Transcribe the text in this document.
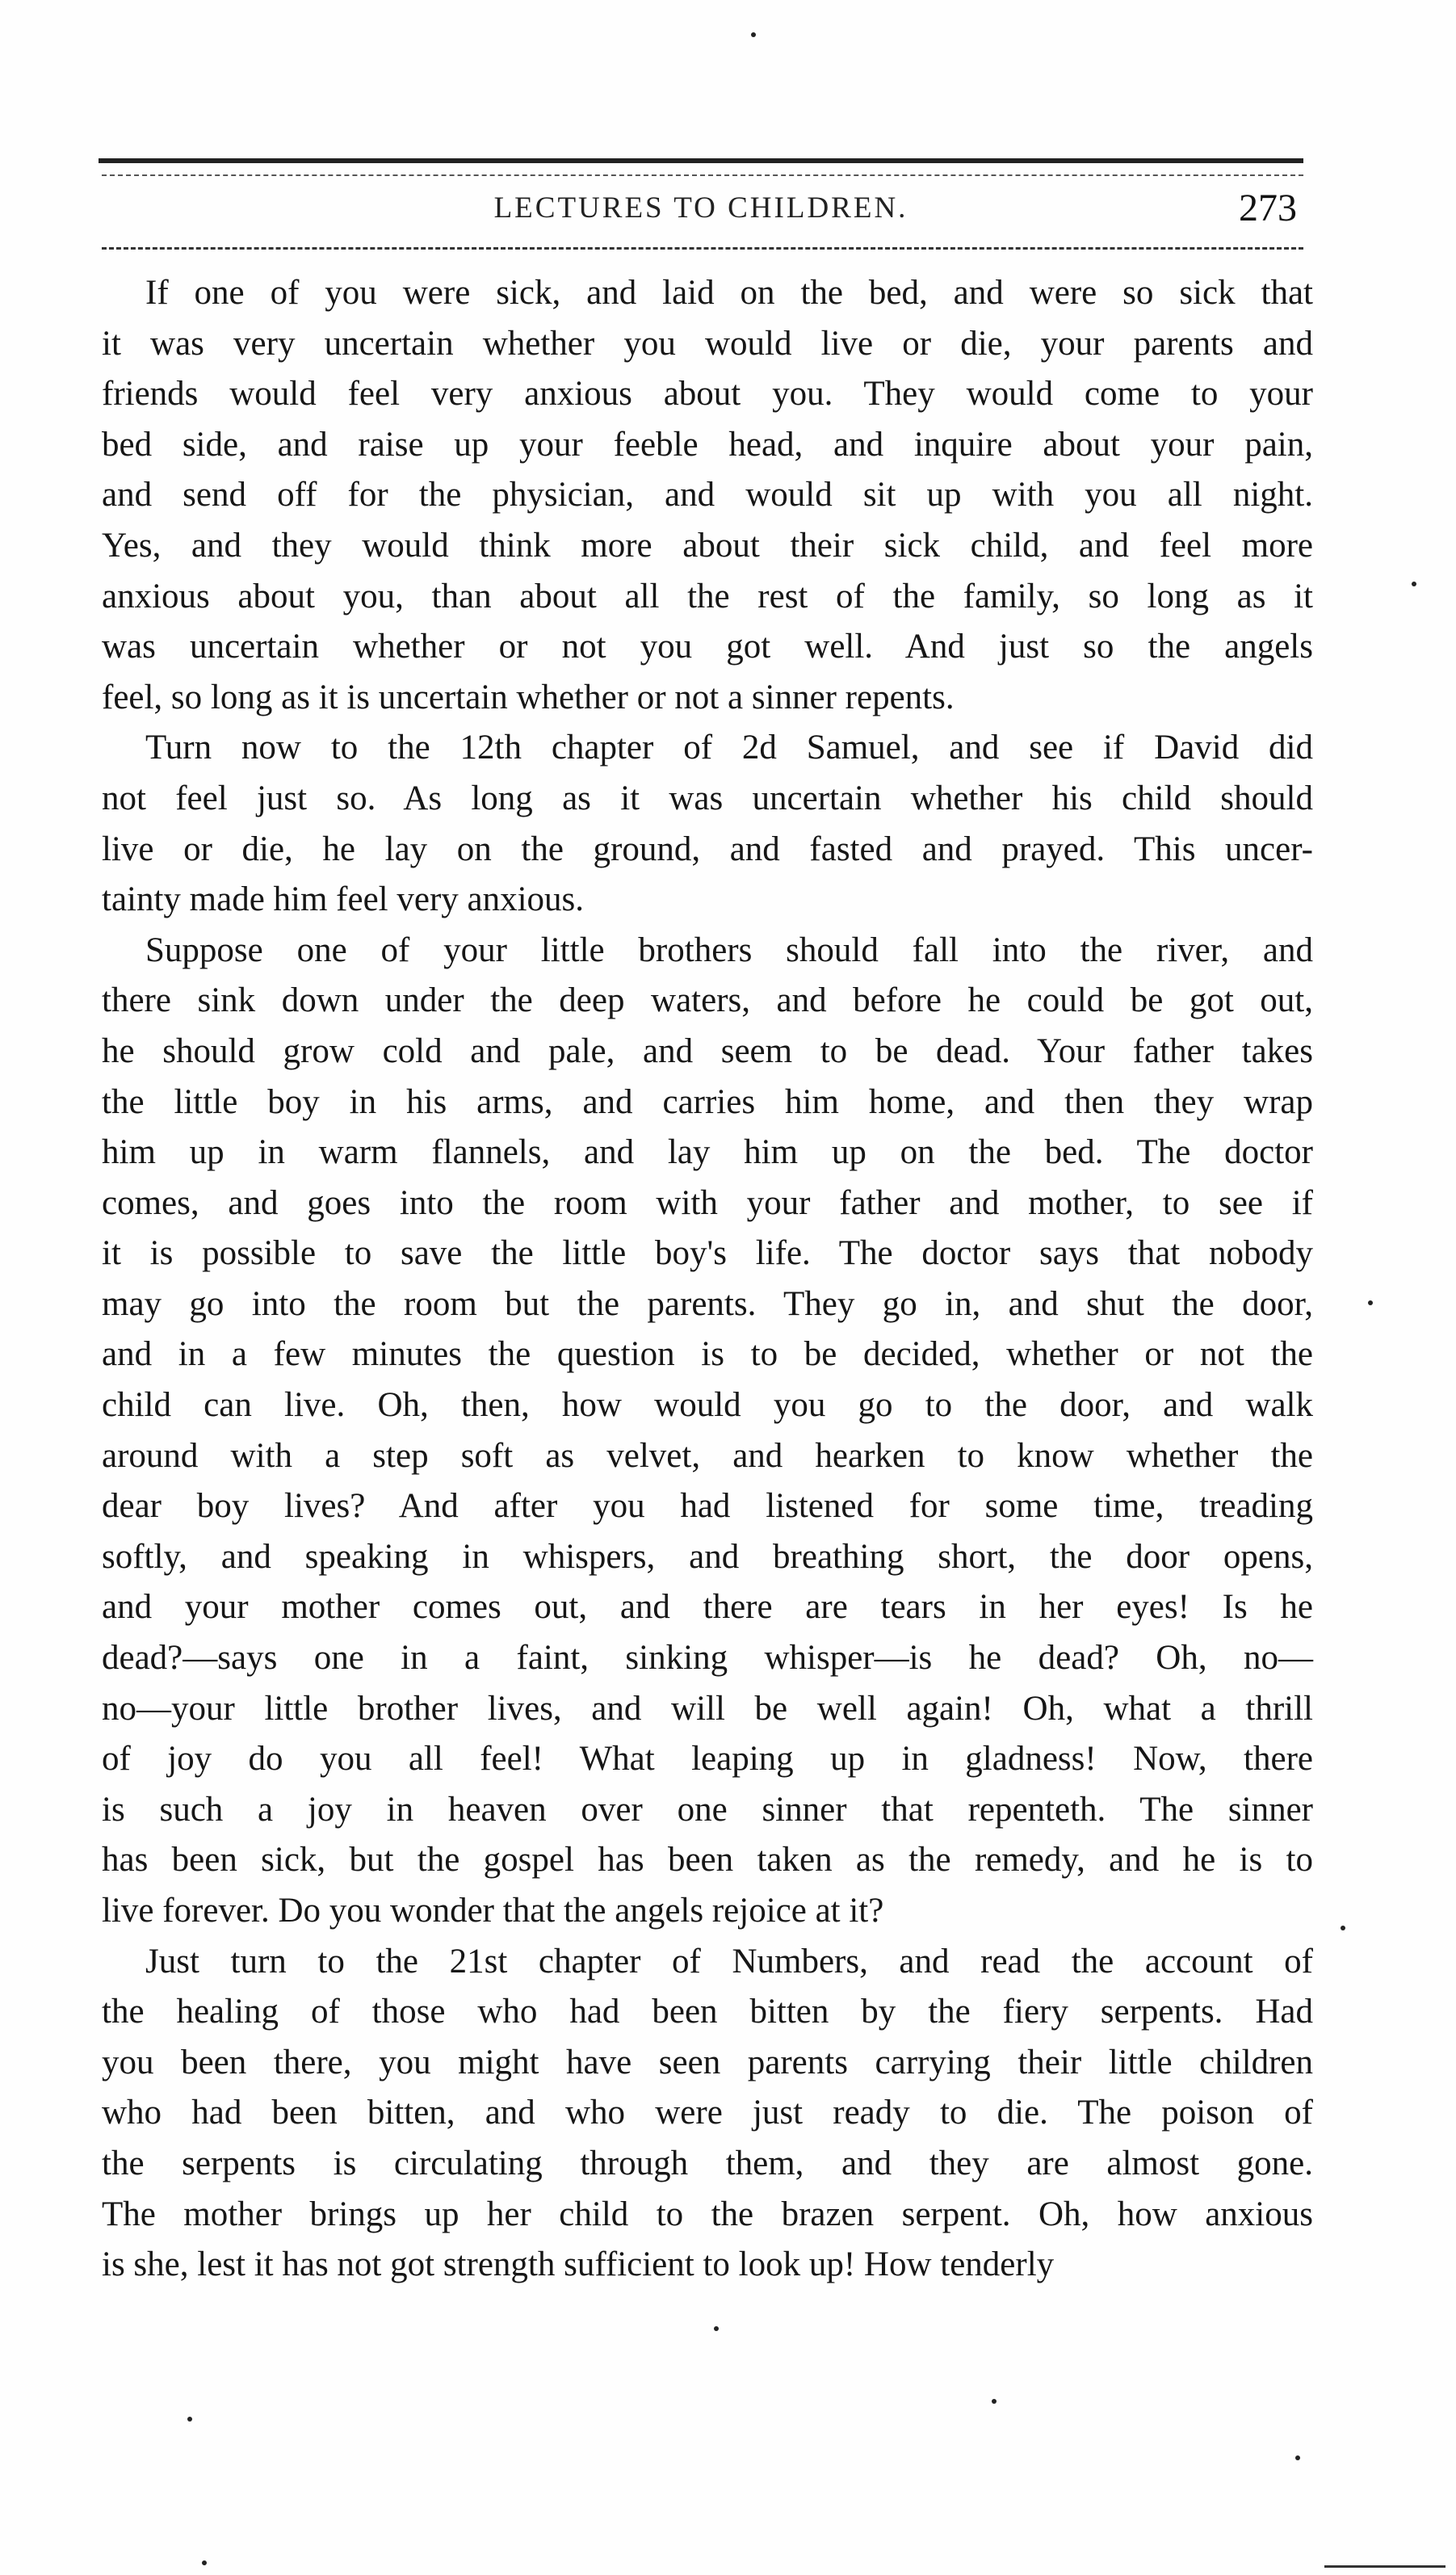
LECTURES TO CHILDREN.	273
If one of you were sick, and laid on the bed, and were so sick that
it was very uncertain whether you would live or die, your parents and
friends would feel very anxious about you. They would come to your
bed side, and raise up your feeble head, and inquire about your pain,
and send off for the physician, and would sit up with you all night.
Yes, and they would think more about their sick child, and feel more
anxious about you, than about all the rest of the family, so long as it
was uncertain whether or not you got well. And just so the angels
feel, so long as it is uncertain whether or not a sinner repents.
Turn now to the 12th chapter of 2d Samuel, and see if David did
not feel just so. As long as it was uncertain whether his child should
live or die, he lay on the ground, and fasted and prayed. This uncer-
tainty made him feel very anxious.
Suppose one of your little brothers should fall into the river, and
there sink down under the deep waters, and before he could be got out,
he should grow cold and pale, and seem to be dead. Your father takes
the little boy in his arms, and carries him home, and then they wrap
him up in warm flannels, and lay him up on the bed. The doctor
comes, and goes into the room with your father and mother, to see if
it is possible to save the little boy's life. The doctor says that nobody
may go into the room but the parents. They go in, and shut the door,
and in a few minutes the question is to be decided, whether or not the
child can live. Oh, then, how would you go to the door, and walk
around with a step soft as velvet, and hearken to know whether the
dear boy lives? And after you had listened for some time, treading
softly, and speaking in whispers, and breathing short, the door opens,
and your mother comes out, and there are tears in her eyes! Is he
dead?—says one in a faint, sinking whisper—is he dead? Oh, no—
no—your little brother lives, and will be well again! Oh, what a thrill
of joy do you all feel! What leaping up in gladness! Now, there
is such a joy in heaven over one sinner that repenteth. The sinner
has been sick, but the gospel has been taken as the remedy, and he is to
live forever. Do you wonder that the angels rejoice at it?
Just turn to the 21st chapter of Numbers, and read the account of
the healing of those who had been bitten by the fiery serpents. Had
you been there, you might have seen parents carrying their little children
who had been bitten, and who were just ready to die. The poison of
the serpents is circulating through them, and they are almost gone.
The mother brings up her child to the brazen serpent. Oh, how anxious
is she, lest it has not got strength sufficient to look up! How tenderly
